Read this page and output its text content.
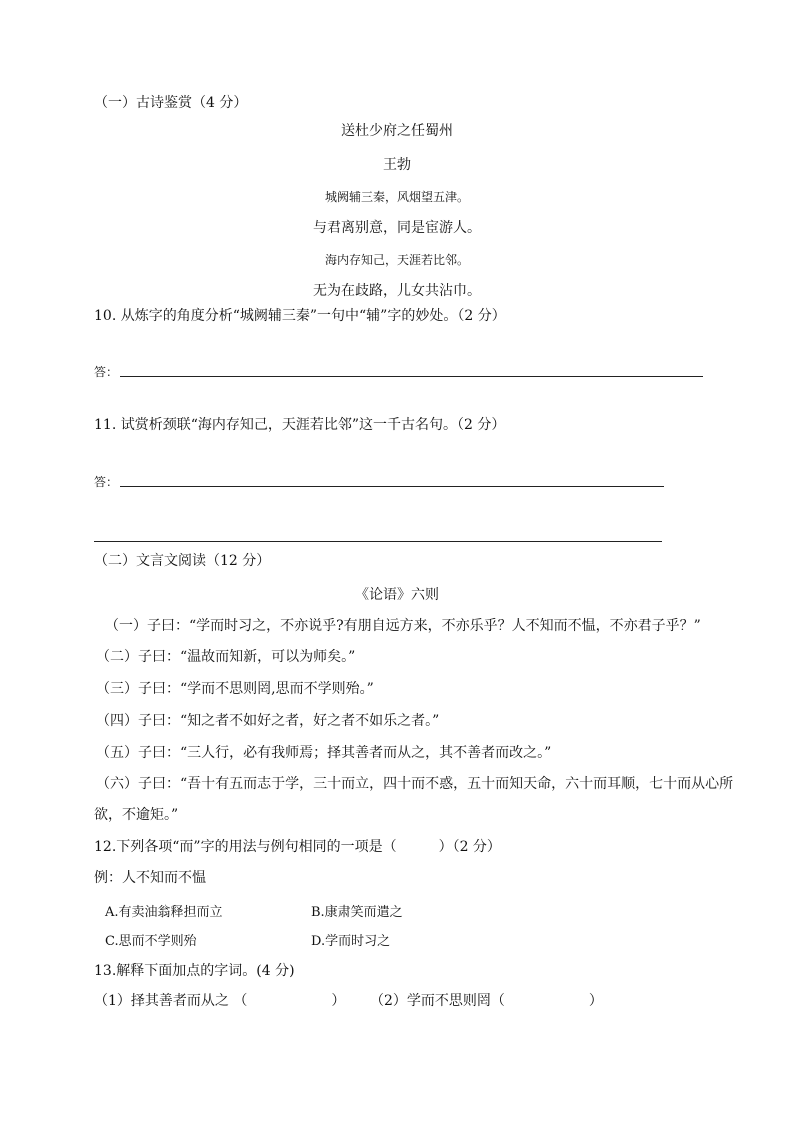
（一）古诗鉴赏（4 分）
送杜少府之任蜀州
王勃
城阙辅三秦，风烟望五津。
与君离别意，同是宦游人。
海内存知己，天涯若比邻。
无为在歧路，儿女共沾巾。
10. 从炼字的角度分析“城阙辅三秦”一句中“辅”字的妙处。（2 分）
答：
11. 试赏析颈联“海内存知己，天涯若比邻”这一千古名句。（2 分）
答：
（二）文言文阅读（12 分）
《论语》六则
（一）子曰：“学而时习之，不亦说乎?有朋自远方来，不亦乐乎？人不知而不愠，不亦君子乎？”
（二）子曰：“温故而知新，可以为师矣。”
（三）子曰：“学而不思则罔,思而不学则殆。”
（四）子曰：“知之者不如好之者，好之者不如乐之者。”
（五）子曰：“三人行，必有我师焉；择其善者而从之，其不善者而改之。”
（六）子曰：“吾十有五而志于学，三十而立，四十而不惑，五十而知天命，六十而耳顺，七十而从心所
欲，不逾矩。”
12.下列各项“而”字的用法与例句相同的一项是（　　　）（2 分）
例：人不知而不愠
A.有卖油翁释担而立	B.康肃笑而遣之
C.思而不学则殆	D.学而时习之
13.解释下面加点的字词。(4 分)
（1）择其善者而从之 （　　　　　　） （2）学而不思则罔（　　　　　　）
